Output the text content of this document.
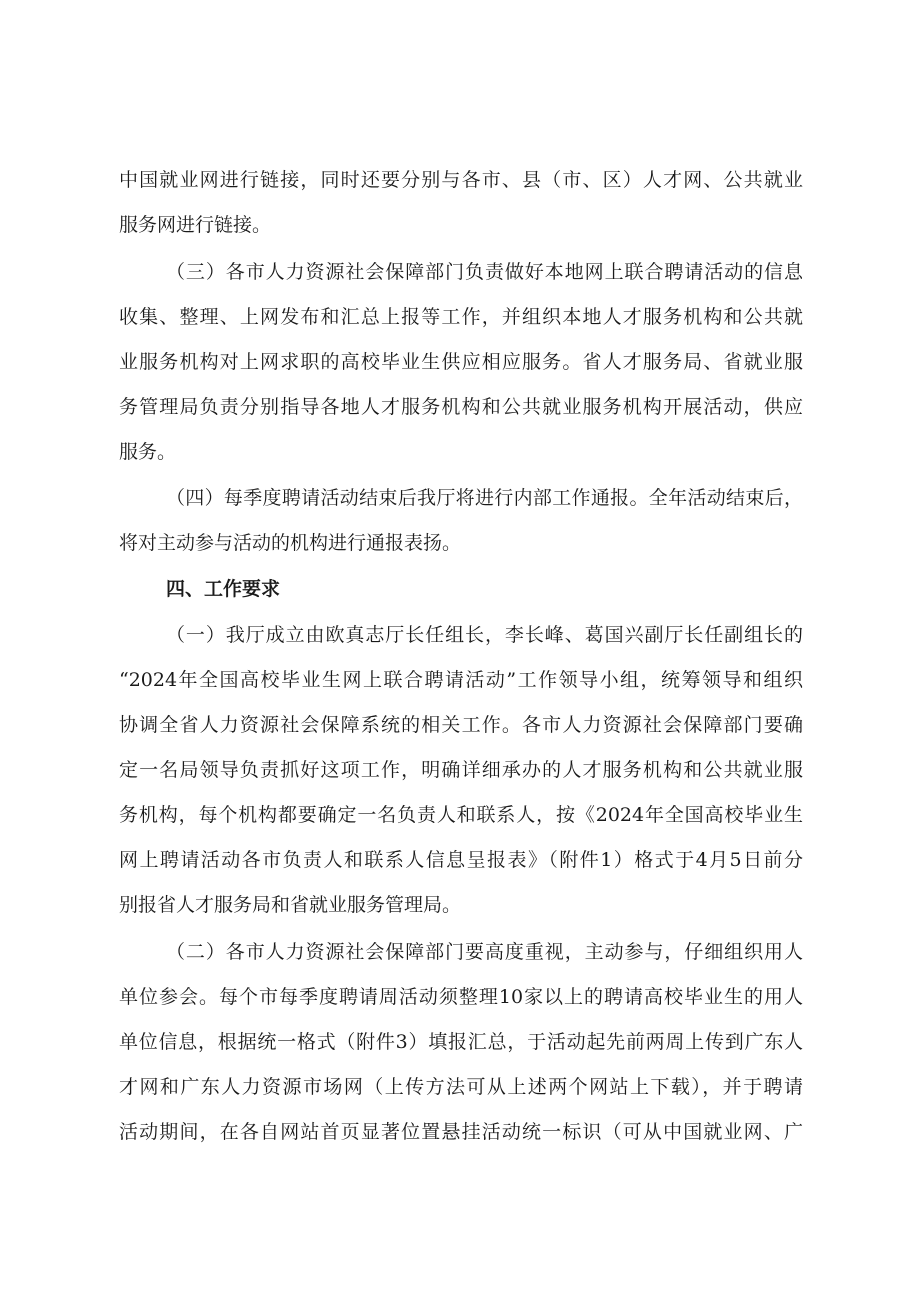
中国就业网进行链接，同时还要分别与各市、县（市、区）人才网、公共就业
服务网进行链接。
（三）各市人力资源社会保障部门负责做好本地网上联合聘请活动的信息
收集、整理、上网发布和汇总上报等工作，并组织本地人才服务机构和公共就
业服务机构对上网求职的高校毕业生供应相应服务。省人才服务局、省就业服
务管理局负责分别指导各地人才服务机构和公共就业服务机构开展活动，供应
服务。
（四）每季度聘请活动结束后我厅将进行内部工作通报。全年活动结束后，
将对主动参与活动的机构进行通报表扬。
四、工作要求
（一）我厅成立由欧真志厅长任组长，李长峰、葛国兴副厅长任副组长的
“2024年全国高校毕业生网上联合聘请活动”工作领导小组，统筹领导和组织
协调全省人力资源社会保障系统的相关工作。各市人力资源社会保障部门要确
定一名局领导负责抓好这项工作，明确详细承办的人才服务机构和公共就业服
务机构，每个机构都要确定一名负责人和联系人，按《2024年全国高校毕业生
网上聘请活动各市负责人和联系人信息呈报表》（附件1）格式于4月5日前分
别报省人才服务局和省就业服务管理局。
（二）各市人力资源社会保障部门要高度重视，主动参与，仔细组织用人
单位参会。每个市每季度聘请周活动须整理10家以上的聘请高校毕业生的用人
单位信息，根据统一格式（附件3）填报汇总，于活动起先前两周上传到广东人
才网和广东人力资源市场网（上传方法可从上述两个网站上下载），并于聘请
活动期间，在各自网站首页显著位置悬挂活动统一标识（可从中国就业网、广
